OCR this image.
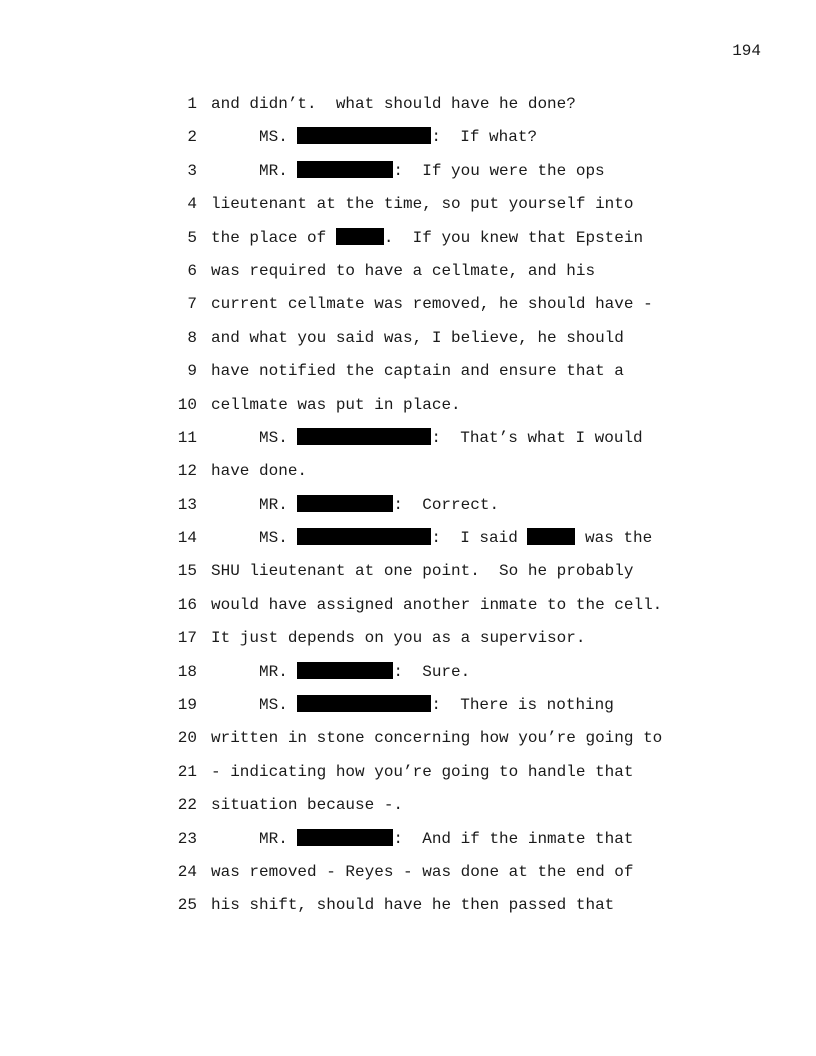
194
1 and didn’t.  what should have he done?
2	MS.	:  If what?
3	MR.	:  If you were the ops
4 lieutenant at the time, so put yourself into
5 the place of	.  If you knew that Epstein
6 was required to have a cellmate, and his
7 current cellmate was removed, he should have -
8 and what you said was, I believe, he should
9 have notified the captain and ensure that a
10 cellmate was put in place.
11	MS.	:  That’s what I would
12 have done.
13	MR.	:  Correct.
14	MS.	:  I said	was the
15 SHU lieutenant at one point.  So he probably
16 would have assigned another inmate to the cell.
17 It just depends on you as a supervisor.
18	MR.	:  Sure.
19	MS.	:  There is nothing
20 written in stone concerning how you’re going to
21 - indicating how you’re going to handle that
22 situation because -.
23	MR.	:  And if the inmate that
24 was removed - Reyes - was done at the end of
25 his shift, should have he then passed that
